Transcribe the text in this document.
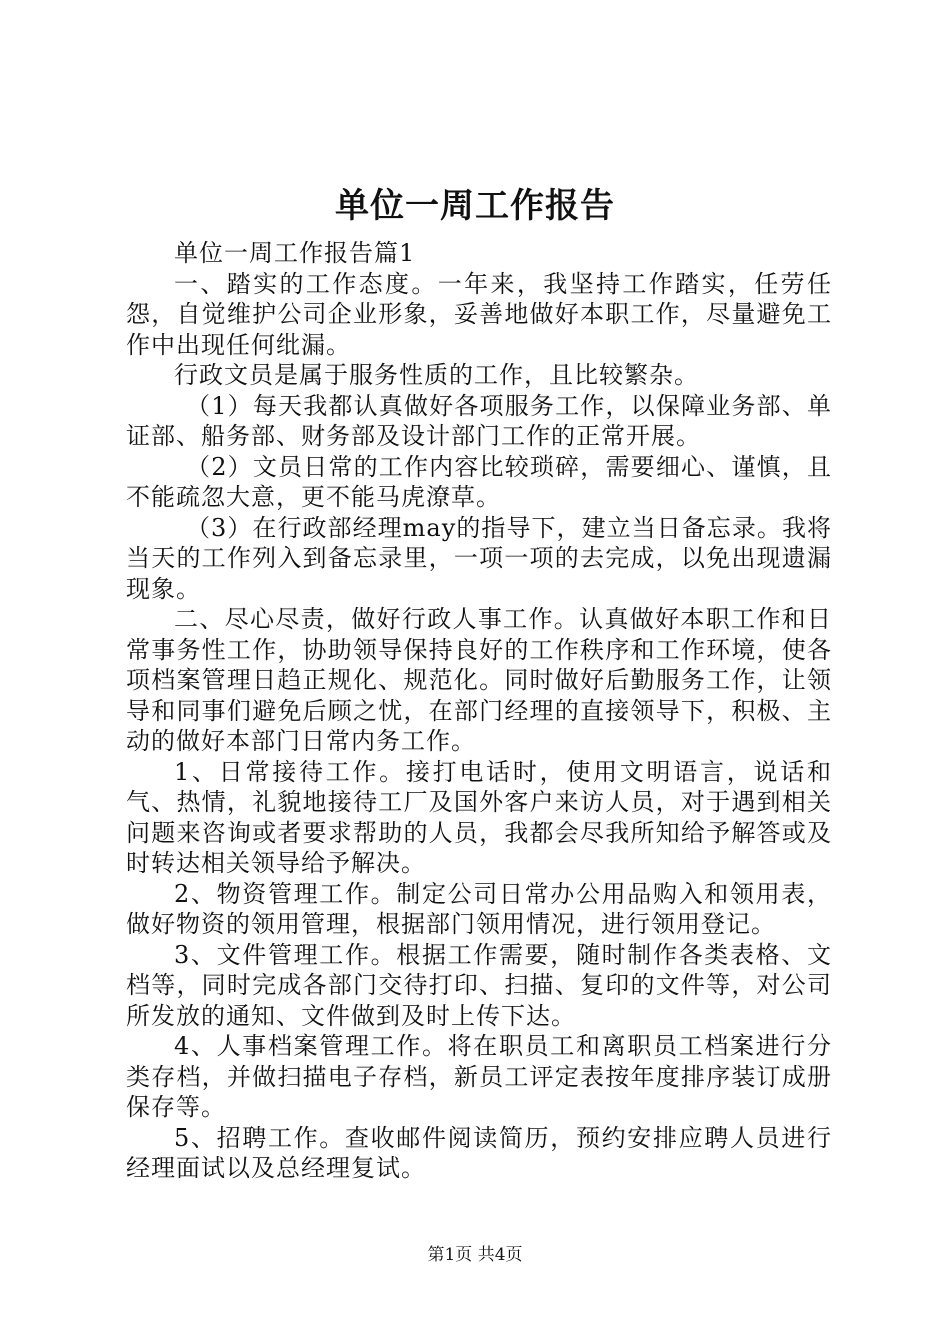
单位一周工作报告

单位一周工作报告篇1

一、踏实的工作态度。一年来，我坚持工作踏实，任劳任怨，自觉维护公司企业形象，妥善地做好本职工作，尽量避免工作中出现任何纰漏。

行政文员是属于服务性质的工作，且比较繁杂。

（1）每天我都认真做好各项服务工作，以保障业务部、单证部、船务部、财务部及设计部门工作的正常开展。

（2）文员日常的工作内容比较琐碎，需要细心、谨慎，且不能疏忽大意，更不能马虎潦草。

（3）在行政部经理may的指导下，建立当日备忘录。我将当天的工作列入到备忘录里，一项一项的去完成，以免出现遗漏现象。

二、尽心尽责，做好行政人事工作。认真做好本职工作和日常事务性工作，协助领导保持良好的工作秩序和工作环境，使各项档案管理日趋正规化、规范化。同时做好后勤服务工作，让领导和同事们避免后顾之忧，在部门经理的直接领导下，积极、主动的做好本部门日常内务工作。

1、日常接待工作。接打电话时，使用文明语言，说话和气、热情，礼貌地接待工厂及国外客户来访人员，对于遇到相关问题来咨询或者要求帮助的人员，我都会尽我所知给予解答或及时转达相关领导给予解决。

2、物资管理工作。制定公司日常办公用品购入和领用表，做好物资的领用管理，根据部门领用情况，进行领用登记。

3、文件管理工作。根据工作需要，随时制作各类表格、文档等，同时完成各部门交待打印、扫描、复印的文件等，对公司所发放的通知、文件做到及时上传下达。

4、人事档案管理工作。将在职员工和离职员工档案进行分类存档，并做扫描电子存档，新员工评定表按年度排序装订成册保存等。

5、招聘工作。查收邮件阅读简历，预约安排应聘人员进行经理面试以及总经理复试。

第1页 共4页
